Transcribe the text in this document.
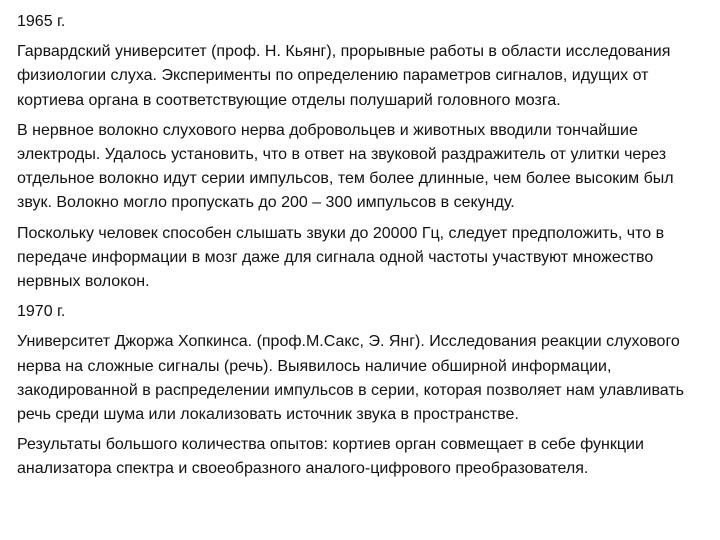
1965 г.

Гарвардский университет (проф. Н. Кьянг), прорывные работы в области исследования физиологии слуха. Эксперименты по определению параметров сигналов, идущих от кортиева органа в соответствующие отделы полушарий головного мозга.

В нервное волокно слухового нерва добровольцев и животных вводили тончайшие электроды. Удалось установить, что в ответ на звуковой раздражитель от улитки через отдельное волокно идут серии импульсов, тем более длинные, чем более высоким был звук. Волокно могло пропускать до 200 – 300 импульсов в секунду.

Поскольку человек способен слышать звуки до 20000 Гц, следует предположить, что в передаче информации в мозг даже для сигнала одной частоты участвуют множество нервных волокон.

1970 г.

Университет Джоржа Хопкинса. (проф.М.Сакс, Э. Янг). Исследования реакции слухового нерва на сложные сигналы (речь). Выявилось наличие обширной информации, закодированной в распределении импульсов в серии, которая позволяет нам улавливать речь среди шума или локализовать источник звука в пространстве.

Результаты большого количества опытов: кортиев орган совмещает в себе функции анализатора спектра и своеобразного аналого-цифрового преобразователя.
